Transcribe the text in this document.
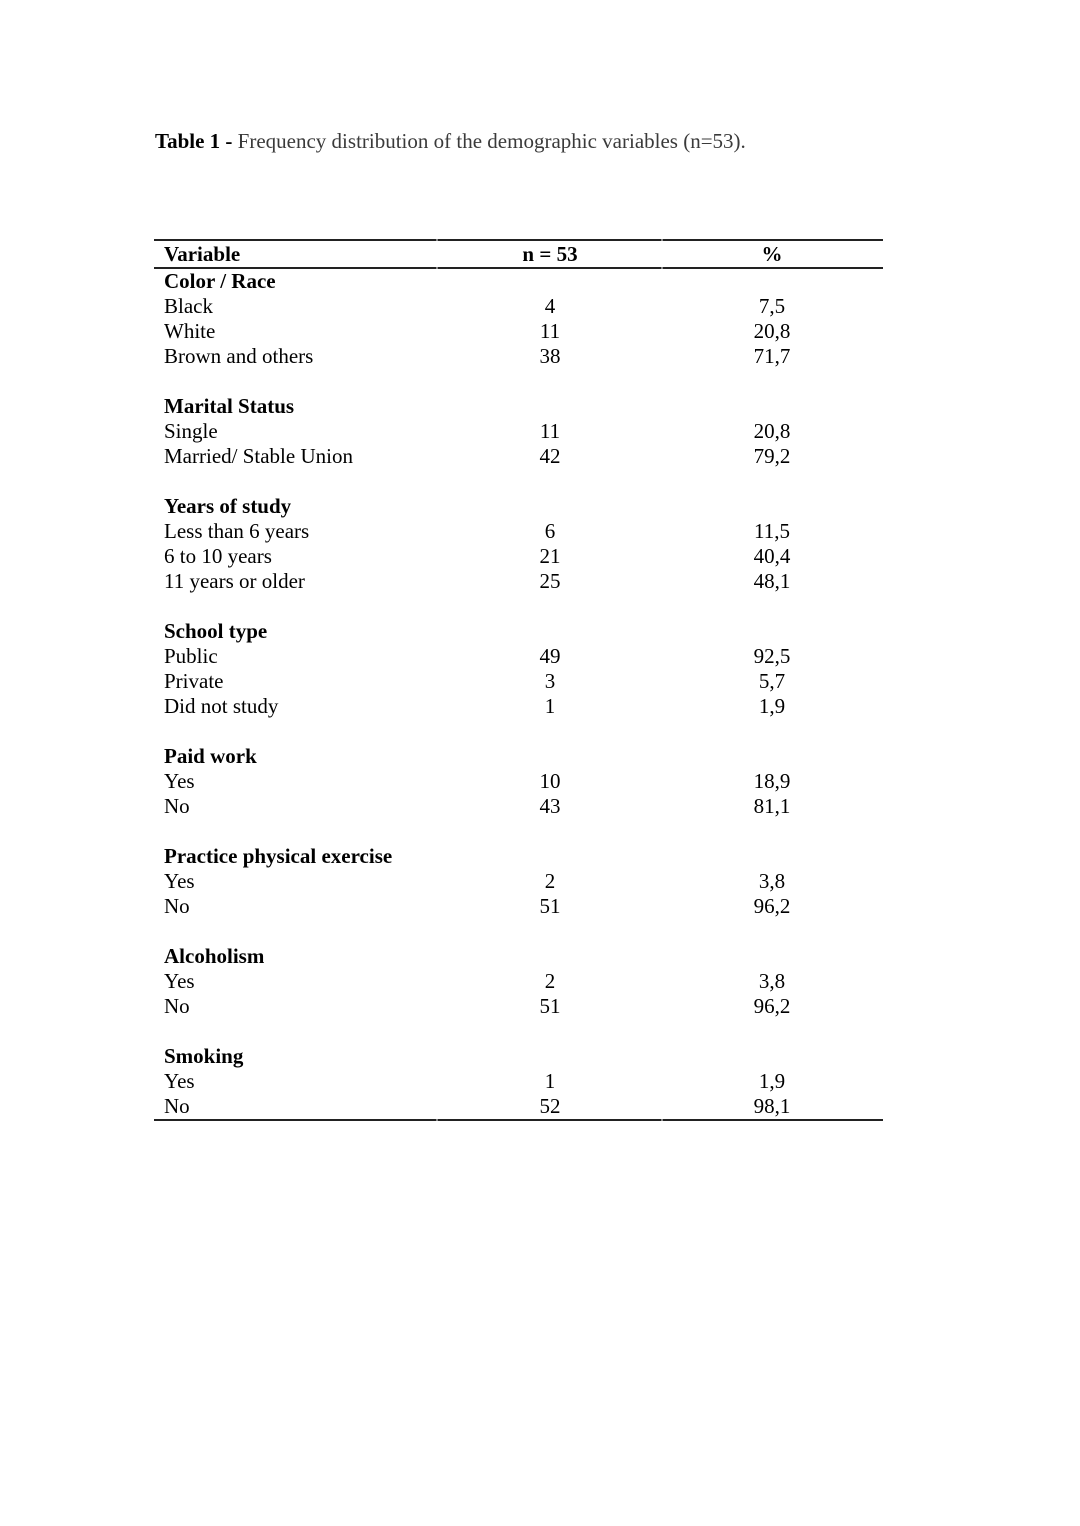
Table 1 - Frequency distribution of the demographic variables (n=53).
Variable	n = 53	%
Color / Race
Black	4	7,5
White	11	20,8
Brown and others	38	71,7
Marital Status
Single	11	20,8
Married/ Stable Union	42	79,2
Years of study
Less than 6 years	6	11,5
6 to 10 years	21	40,4
11 years or older	25	48,1
School type
Public	49	92,5
Private	3	5,7
Did not study	1	1,9
Paid work
Yes	10	18,9
No	43	81,1
Practice physical exercise
Yes	2	3,8
No	51	96,2
Alcoholism
Yes	2	3,8
No	51	96,2
Smoking
Yes	1	1,9
No	52	98,1
